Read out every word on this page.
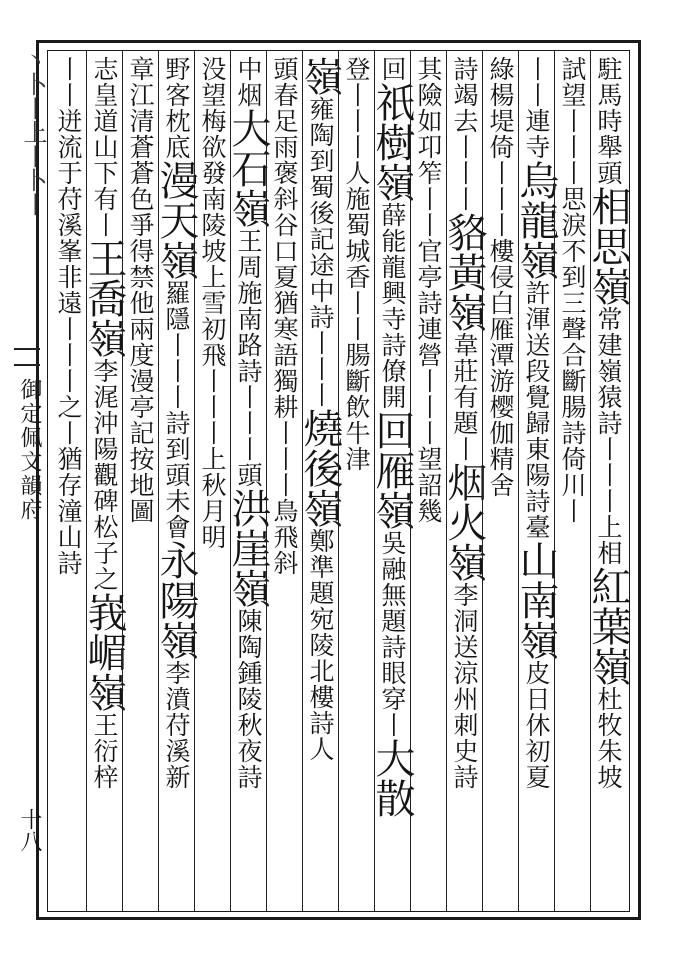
丶卜丨上丨卜丨
御定佩文韻府
十八
駐馬時舉頭
相思嶺
常建嶺猿詩丨丨丨上相
紅葉嶺
杜牧朱坡
試望丨丨丨
思淚不到三聲合斷腸
詩倚川丨
丨丨連寺
烏龍嶺
許渾送段覺歸東陽詩臺
山南嶺
皮日休初夏
綠楊堤
倚丨丨丨樓侵白雁潭
游樱伽精舍
詩竭去丨丨丨
貉黃嶺
韋莊有題丨
烟火嶺
李洞送涼州刺史詩
其險如卭笮
丨丨官亭詩
連營丨丨丨望詔幾
回
祇樹嶺
薛能龍興寺詩僚開
回雁嶺
吳融無題詩眼穿丨
大散
登丨丨丨人施蜀城香
丨丨腸斷飲牛津
嶺
雍陶到蜀後記途中詩丨丨丨
燒後嶺
鄭準題宛陵北樓詩人
頭春足雨褒斜谷口夏猶寒
語獨耕丨丨丨鳥飛斜
中烟
大石嶺
王周施南路詩丨丨丨頭
洪崖嶺
陳陶鍾陵秋夜詩
没望
梅欲發南陵坡上雪初飛
丨丨丨上秋月明
野客枕底
漫天嶺
羅隱丨丨丨詩到頭未會
永陽嶺
李濆苻溪新
章江清
蒼蒼色爭得禁他兩度漫
亭記按地圖
志皇道山下有丨
王喬嶺
李浘沖陽觀碑松子之
峩嵋嶺
王衍梓
丨丨迸流于苻溪
峯非遠丨丨丨之丨猶存
潼山詩
